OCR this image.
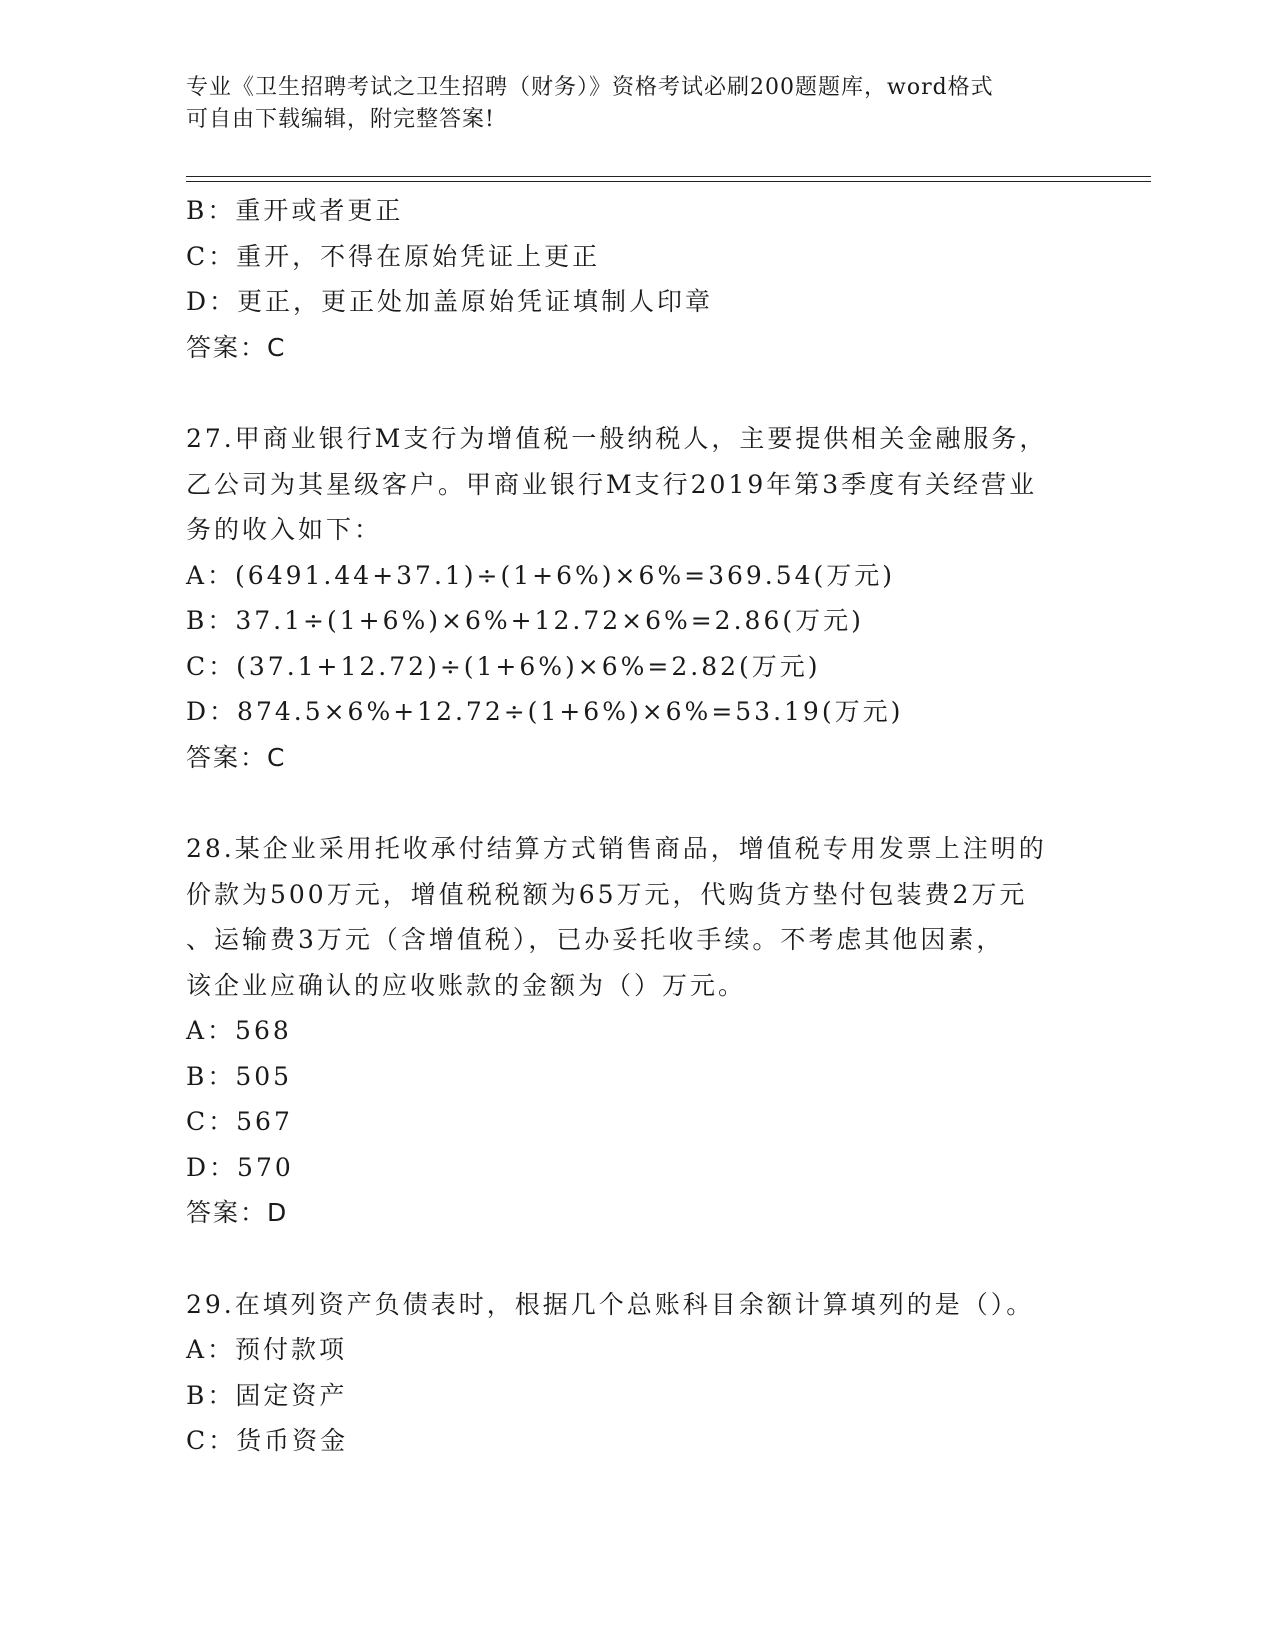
专业《卫生招聘考试之卫生招聘（财务）》资格考试必刷200题题库，word格式
可自由下载编辑，附完整答案!
B：重开或者更正
C：重开，不得在原始凭证上更正
D：更正，更正处加盖原始凭证填制人印章
答案：C
27.甲商业银行M支行为增值税一般纳税人，主要提供相关金融服务，
乙公司为其星级客户。甲商业银行M支行2019年第3季度有关经营业
务的收入如下：
A：(6491.44+37.1)÷(1+6%)×6%=369.54(万元)
B：37.1÷(1+6%)×6%+12.72×6%=2.86(万元)
C：(37.1+12.72)÷(1+6%)×6%=2.82(万元)
D：874.5×6%+12.72÷(1+6%)×6%=53.19(万元)
答案：C
28.某企业采用托收承付结算方式销售商品，增值税专用发票上注明的
价款为500万元，增值税税额为65万元，代购货方垫付包装费2万元
、运输费3万元（含增值税），已办妥托收手续。不考虑其他因素，
该企业应确认的应收账款的金额为（）万元。
A：568
B：505
C：567
D：570
答案：D
29.在填列资产负债表时，根据几个总账科目余额计算填列的是（）。
A：预付款项
B：固定资产
C：货币资金
